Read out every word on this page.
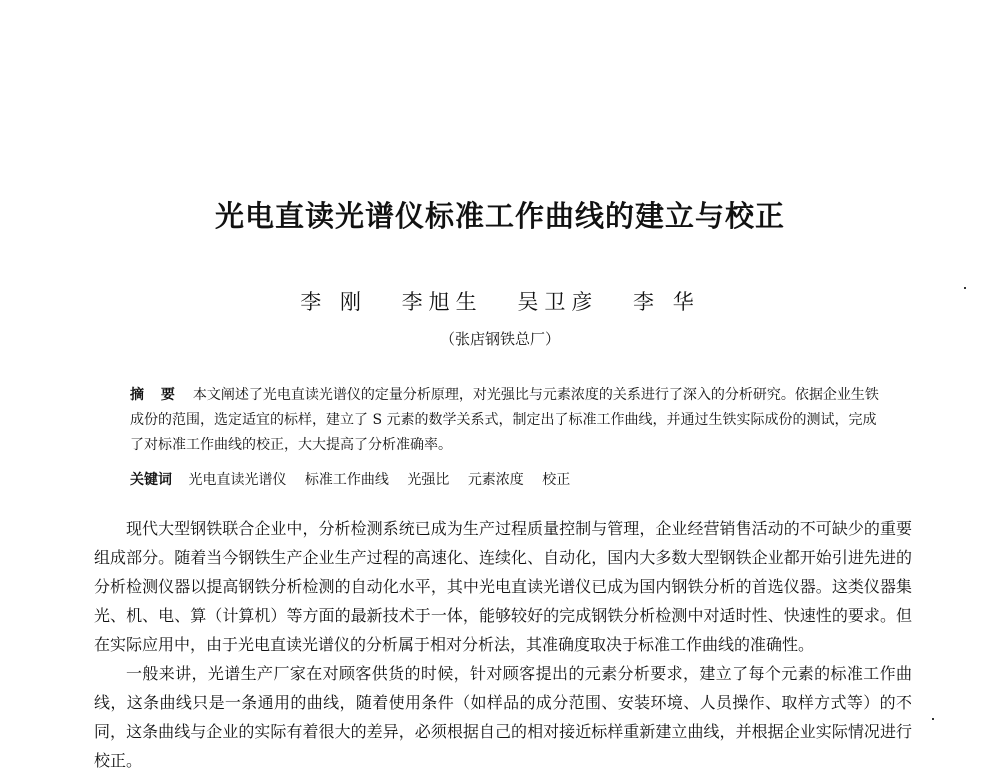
光电直读光谱仪标准工作曲线的建立与校正
李 刚 李旭生 吴卫彦 李 华
（张店钢铁总厂）
摘 要 本文阐述了光电直读光谱仪的定量分析原理，对光强比与元素浓度的关系进行了深入的分析研究。依据企业生铁成份的范围，选定适宜的标样，建立了 S 元素的数学关系式，制定出了标准工作曲线，并通过生铁实际成份的测试，完成了对标准工作曲线的校正，大大提高了分析准确率。
关键词 光电直读光谱仪 标准工作曲线 光强比 元素浓度 校正

现代大型钢铁联合企业中，分析检测系统已成为生产过程质量控制与管理，企业经营销售活动的不可缺少的重要组成部分。随着当今钢铁生产企业生产过程的高速化、连续化、自动化，国内大多数大型钢铁企业都开始引进先进的分析检测仪器以提高钢铁分析检测的自动化水平，其中光电直读光谱仪已成为国内钢铁分析的首选仪器。这类仪器集光、机、电、算（计算机）等方面的最新技术于一体，能够较好的完成钢铁分析检测中对适时性、快速性的要求。但在实际应用中，由于光电直读光谱仪的分析属于相对分析法，其准确度取决于标准工作曲线的准确性。

一般来讲，光谱生产厂家在对顾客供货的时候，针对顾客提出的元素分析要求，建立了每个元素的标准工作曲线，这条曲线只是一条通用的曲线，随着使用条件（如样品的成分范围、安装环境、人员操作、取样方式等）的不同，这条曲线与企业的实际有着很大的差异，必须根据自己的相对接近标样重新建立曲线，并根据企业实际情况进行校正。
